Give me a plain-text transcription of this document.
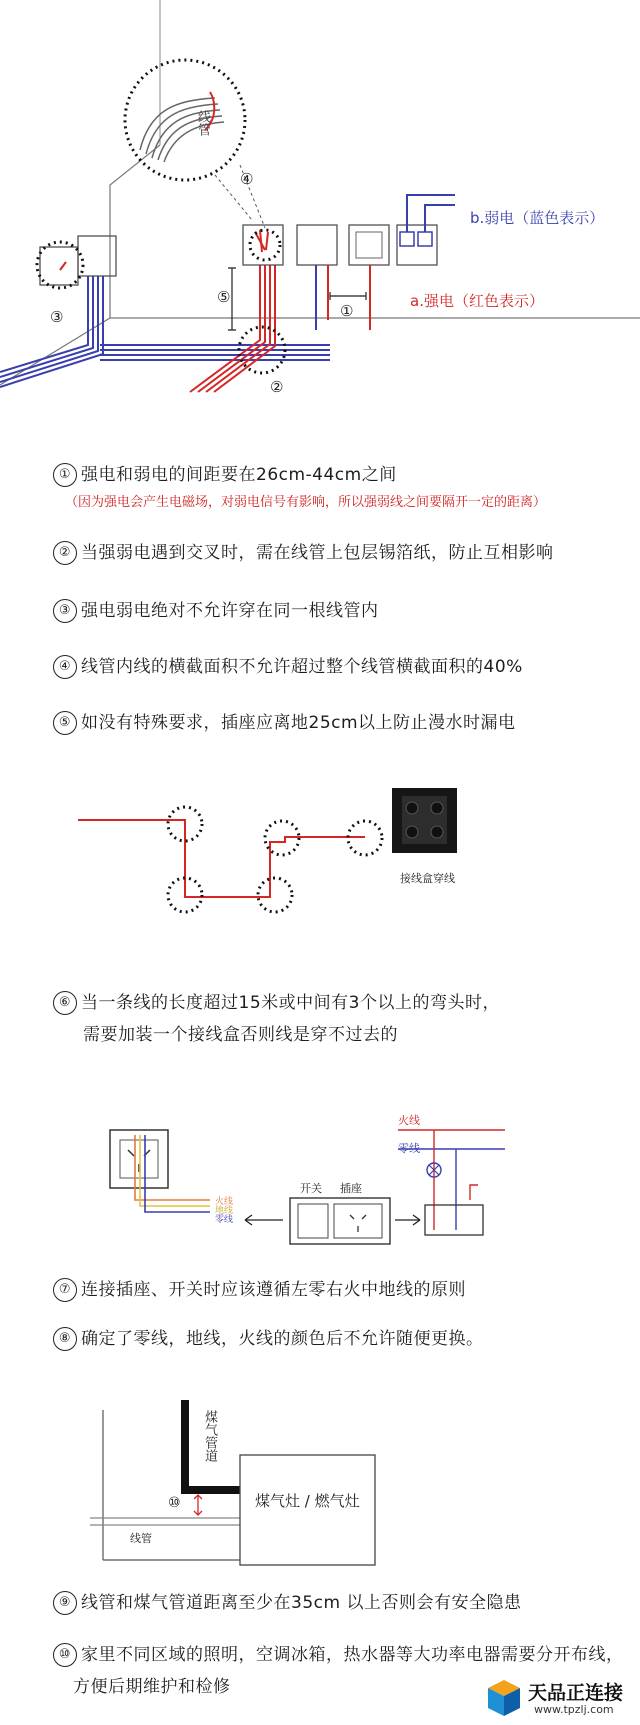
b.弱电（蓝色表示）
a.强电（红色表示）
线管
④
⑤
①
②
③
① 强电和弱电的间距要在26cm-44cm之间
（因为强电会产生电磁场，对弱电信号有影响，所以强弱线之间要隔开一定的距离）
② 当强弱电遇到交叉时，需在线管上包层锡箔纸，防止互相影响
③ 强电弱电绝对不允许穿在同一根线管内
④ 线管内线的横截面积不允许超过整个线管横截面积的40%
⑤ 如没有特殊要求，插座应离地25cm以上防止漫水时漏电
接线盒穿线
⑥ 当一条线的长度超过15米或中间有3个以上的弯头时，
需要加装一个接线盒否则线是穿不过去的
火线
地线
零线
开关 插座
火线
零线
⑦ 连接插座、开关时应该遵循左零右火中地线的原则
⑧ 确定了零线，地线，火线的颜色后不允许随便更换。
煤气管道
煤气灶 / 燃气灶
线管
⑩
⑨ 线管和煤气管道距离至少在35cm 以上否则会有安全隐患
⑩ 家里不同区域的照明，空调冰箱，热水器等大功率电器需要分开布线，
方便后期维护和检修	天品正连接
www.tpzlj.com
